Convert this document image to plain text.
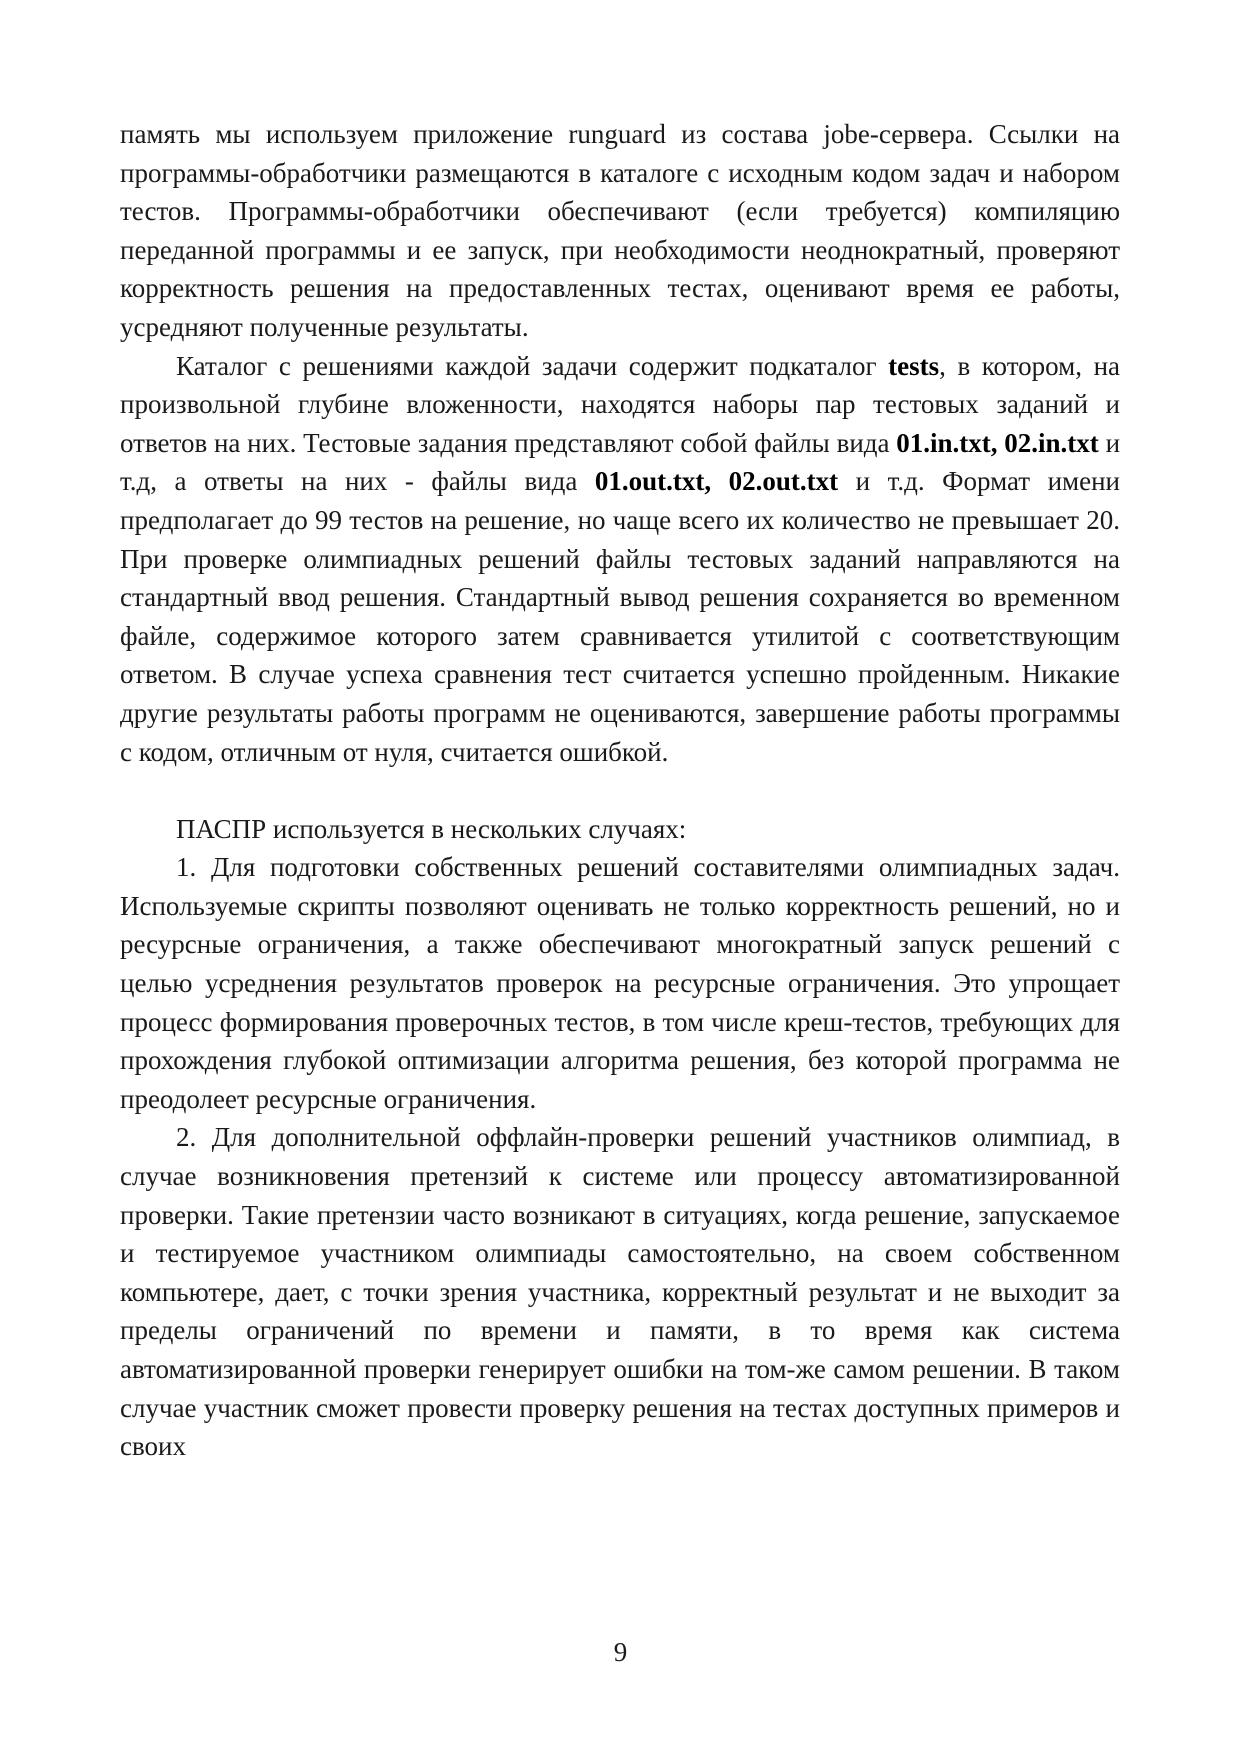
память мы используем приложение runguard из состава jobe-сервера. Ссылки на программы-обработчики размещаются в каталоге с исходным кодом задач и набором тестов. Программы-обработчики обеспечивают (если требуется) компиляцию переданной программы и ее запуск, при необходимости неоднократный, проверяют корректность решения на предоставленных тестах, оценивают время ее работы, усредняют полученные результаты.

Каталог с решениями каждой задачи содержит подкаталог tests, в котором, на произвольной глубине вложенности, находятся наборы пар тестовых заданий и ответов на них. Тестовые задания представляют собой файлы вида 01.in.txt, 02.in.txt и т.д, а ответы на них - файлы вида 01.out.txt, 02.out.txt и т.д. Формат имени предполагает до 99 тестов на решение, но чаще всего их количество не превышает 20. При проверке олимпиадных решений файлы тестовых заданий направляются на стандартный ввод решения. Стандартный вывод решения сохраняется во временном файле, содержимое которого затем сравнивается утилитой с соответствующим ответом. В случае успеха сравнения тест считается успешно пройденным. Никакие другие результаты работы программ не оцениваются, завершение работы программы с кодом, отличным от нуля, считается ошибкой.

ПАСПР используется в нескольких случаях:

1. Для подготовки собственных решений составителями олимпиадных задач. Используемые скрипты позволяют оценивать не только корректность решений, но и ресурсные ограничения, а также обеспечивают многократный запуск решений с целью усреднения результатов проверок на ресурсные ограничения. Это упрощает процесс формирования проверочных тестов, в том числе креш-тестов, требующих для прохождения глубокой оптимизации алгоритма решения, без которой программа не преодолеет ресурсные ограничения.

2. Для дополнительной оффлайн-проверки решений участников олимпиад, в случае возникновения претензий к системе или процессу автоматизированной проверки. Такие претензии часто возникают в ситуациях, когда решение, запускаемое и тестируемое участником олимпиады самостоятельно, на своем собственном компьютере, дает, с точки зрения участника, корректный результат и не выходит за пределы ограничений по времени и памяти, в то время как система автоматизированной проверки генерирует ошибки на том-же самом решении. В таком случае участник сможет провести проверку решения на тестах доступных примеров и своих

9
